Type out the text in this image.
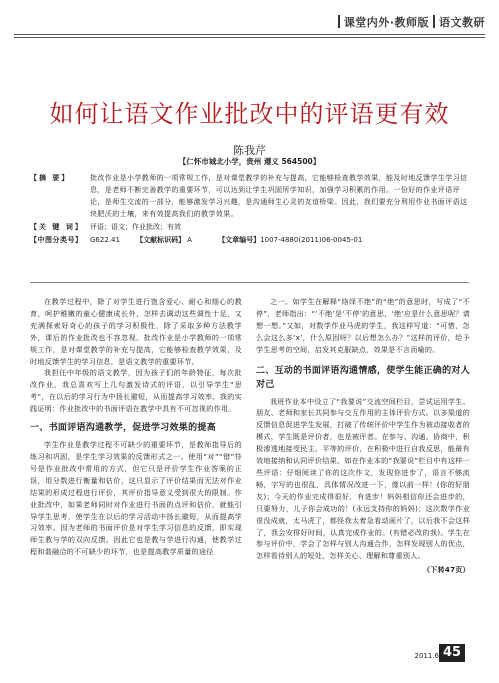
课堂内外·教师版 语文教研
如何让语文作业批改中的评语更有效
陈我芹
【仁怀市城北小学，贵州 遵义 564500】
【摘 要】	批改作业是小学教师的一项常规工作，是对课堂教学的补充与提高，它能够检查教学效果，能及时地反馈学生学习信息，是老师不断完善教学的重要环节，可以达到让学生巩固所学知识，加强学习积累的作用。一份好的作业评语评论，是师生交流的一部分，能够激发学习兴趣，是沟通师生心灵的友谊桥梁。因此，我们要充分利用作业书面评语这块肥沃的土壤，来有效提高我们的教学效果。
【关 键 词】 评语；语文；作业批改；有效
【中图分类号】 G622.41 【文献标识码】 A	【文章编号】1007-4880(2011)06-0045-01

在教学过程中，除了对学生进行饱含爱心、耐心和细心的教育，呵护稚嫩的童心健康成长外，怎样去调动这些调性十足，又充满探索好奇心的孩子的学习积极性，除了采取多种方法教学外，课后的作业批改也不容忽视。批改作业是小学教师的一项常规工作，是对课堂教学的补充与提高，它能够检查教学效果，及时地反馈学生的学习信息，是语文教学的重要环节。

我担任中年级的语文教学，因为孩子们的年龄特征，每次批改作业，我总喜欢写上几句激发诗式的评语，以引导学生“思考”，在以后的学习行为中扬长避短，从而提高学习效率。我的实践证明：作业批改中的书面评语在教学中具有不可忽视的作用。

一、书面评语沟通教学，促进学习效果的提高

学生作业是教学过程不可缺少的重要环节，是教师指导后的练习和巩固，是学生学习效果的反馈形式之一。使用“对”“错”符号是作业批改中常用的方式，但它只是评价学生作业答案的正误，用分数进行衡量和估价，这只显示了评价结果而无法对作业结果的形成过程进行评价，其评价指导意义受到很大的限制。作业批改中，如果老师同时对作业进行书面的点评和估价，就能引导学生思考，使学生在以后的学习活动中扬长避短，从而提高学习效率。因为老师的书面评价是对学生学习信息的反馈，即实现师生教与学的双向反馈。因此它也是教与学进行沟通，使教学过程和谐融洽的不可缺少的环节，也是提高教学质量的途径

之一。如学生在解释“络绎不绝”的“绝”的意思时，写成了“不停”，老师指出：“‘不绝’是‘不停’的意思，‘绝’应是什么意思呢？请想一想。”又如，对数学作业马虎的学生，我这样写道：“可惜，怎么会这么多‘x’，什么原因呀？以后想怎么办？”这样的评价，给予学生思考的空间，启发其克服缺点，效果是不言而喻的。

二、互动的书面评语沟通情感，使学生能正确的对人对己

我班作业本中设立了“我要说”交流空间栏目，尝试运用学生、朋友、老师和家长共同参与交互作用的主体评价方式。以多渠道的反馈信息促进学生发展，打破了传统评价中学生作为被动接收者的模式，学生既是评价者，也是被评者。在参与、沟通、协商中，积极渗透地接受民主、平等的评价，在积极中进行自我反思，能最有效地接纳和认同评价结果。如在作业本的“我要说”栏目中有这样一些评语：仔细阅读了你的这次作文，发现你进步了，语言不够流畅，字写的也很乱，具体情况改进一下，像以前一样！(你的好朋友)；今天的作业完成得很好，有进步！妈妈相信你还会进步的，只要努力，儿子你会成功的！(永远支持你的妈妈)；这次数学作业很没成就，太马虎了，都怪我太着急看动画片了，以后我不会这样了，我会安排好时间，认真完成作业的。(有错必改的我)。学生在参与评价中，学会了怎样与别人沟通合作，怎样发现别人的优点，怎样看待别人的短处，怎样关心、理解和尊重别人。

（下转47页）
2011.6 45
